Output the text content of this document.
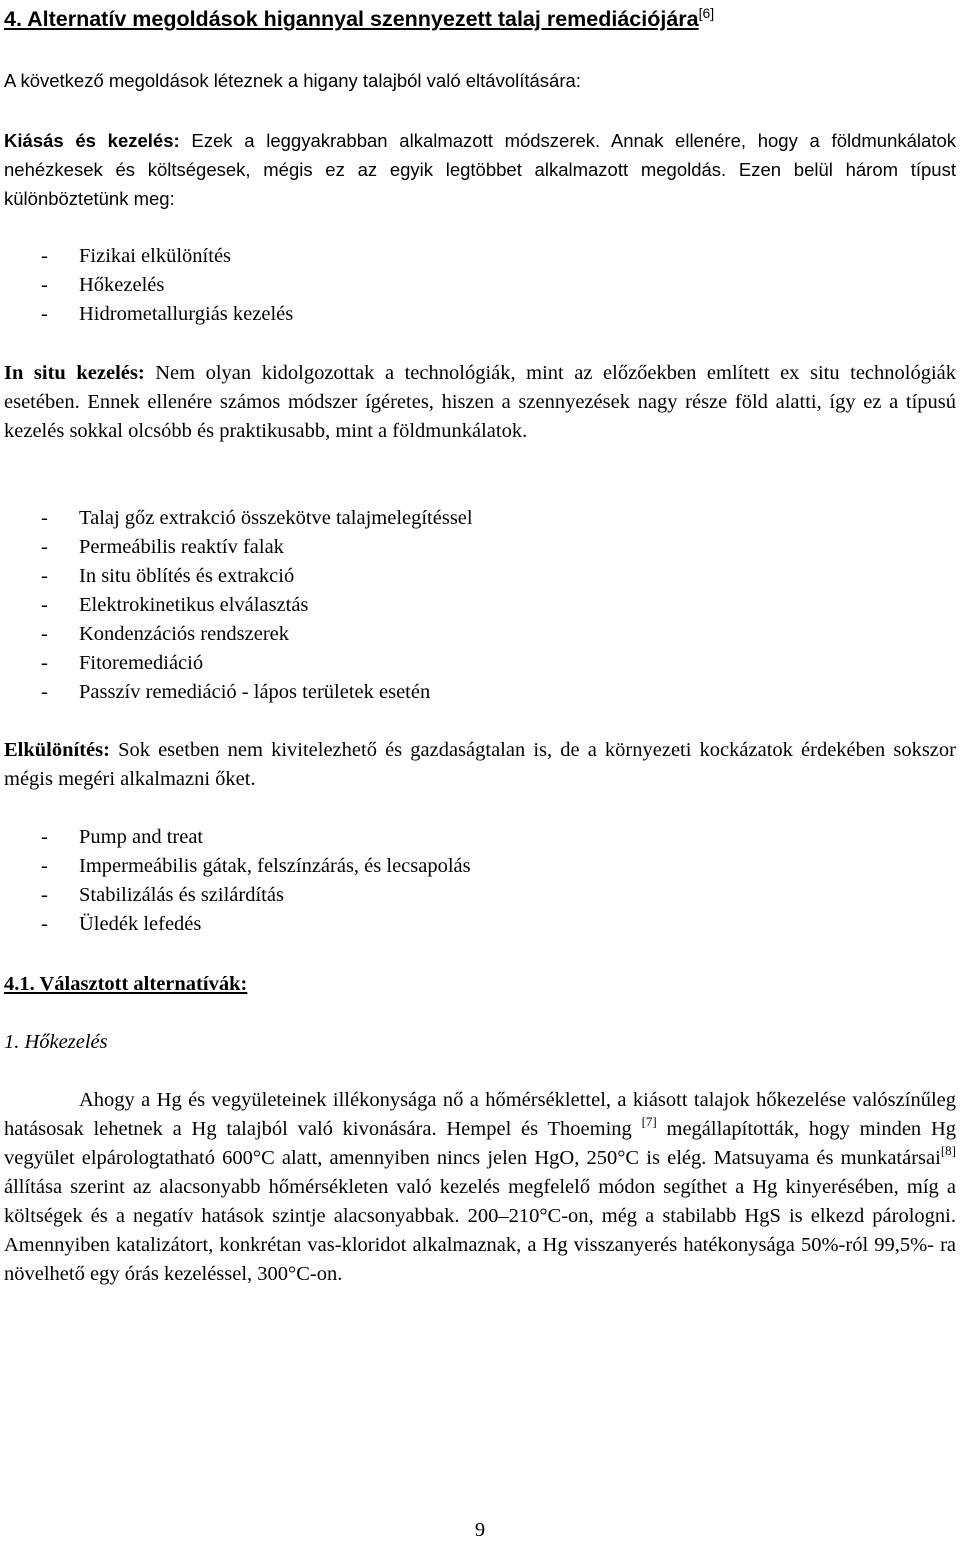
4. Alternatív megoldások higannyal szennyezett talaj remediációjára[6]
A következő megoldások léteznek a higany talajból való eltávolítására:
Kiásás és kezelés: Ezek a leggyakrabban alkalmazott módszerek. Annak ellenére, hogy a földmunkálatok nehézkesek és költségesek, mégis ez az egyik legtöbbet alkalmazott megoldás. Ezen belül három típust különböztetünk meg:
- Fizikai elkülönítés
- Hőkezelés
- Hidrometallurgiás kezelés
In situ kezelés: Nem olyan kidolgozottak a technológiák, mint az előzőekben említett ex situ technológiák esetében. Ennek ellenére számos módszer ígéretes, hiszen a szennyezések nagy része föld alatti, így ez a típusú kezelés sokkal olcsóbb és praktikusabb, mint a földmunkálatok.
- Talaj gőz extrakció összekötve talajmelegítéssel
- Permeábilis reaktív falak
- In situ öblítés és extrakció
- Elektrokinetikus elválasztás
- Kondenzációs rendszerek
- Fitoremediáció
- Passzív remediáció - lápos területek esetén
Elkülönítés: Sok esetben nem kivitelezhető és gazdaságtalan is, de a környezeti kockázatok érdekében sokszor mégis megéri alkalmazni őket.
- Pump and treat
- Impermeábilis gátak, felszínzárás, és lecsapolás
- Stabilizálás és szilárdítás
- Üledék lefedés
4.1. Választott alternatívák:
1. Hőkezelés
Ahogy a Hg és vegyületeinek illékonysága nő a hőmérséklettel, a kiásott talajok hőkezelése valószínűleg hatásosak lehetnek a Hg talajból való kivonására. Hempel és Thoeming [7] megállapították, hogy minden Hg vegyület elpárologtatható 600°C alatt, amennyiben nincs jelen HgO, 250°C is elég. Matsuyama és munkatársai[8] állítása szerint az alacsonyabb hőmérsékleten való kezelés megfelelő módon segíthet a Hg kinyerésében, míg a költségek és a negatív hatások szintje alacsonyabbak. 200–210°C-on, még a stabilabb HgS is elkezd párologni. Amennyiben katalizátort, konkrétan vas-kloridot alkalmaznak, a Hg visszanyerés hatékonysága 50%-ról 99,5%- ra növelhető egy órás kezeléssel, 300°C-on.
9
